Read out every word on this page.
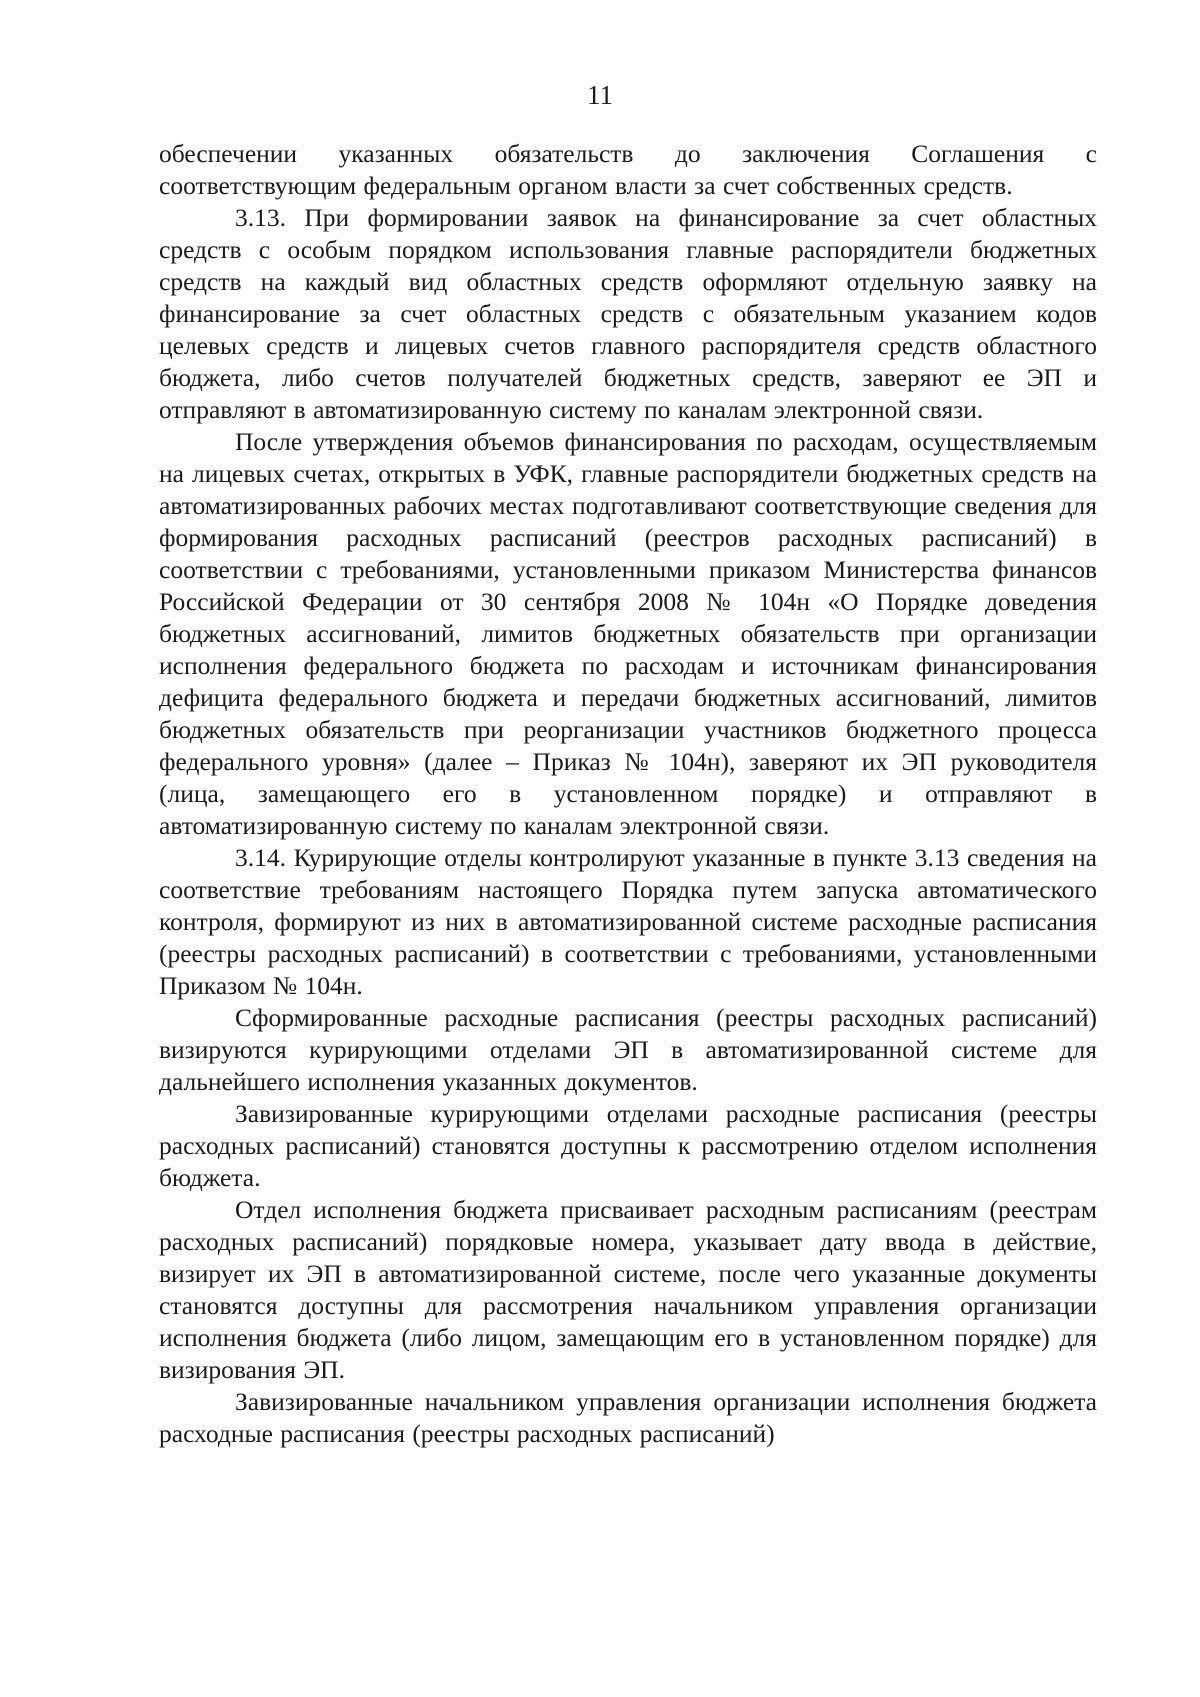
11

обеспечении указанных обязательств до заключения Соглашения с соответствующим федеральным органом власти за счет собственных средств.

3.13. При формировании заявок на финансирование за счет областных средств с особым порядком использования главные распорядители бюджетных средств на каждый вид областных средств оформляют отдельную заявку на финансирование за счет областных средств с обязательным указанием кодов целевых средств и лицевых счетов главного распорядителя средств областного бюджета, либо счетов получателей бюджетных средств, заверяют ее ЭП и отправляют в автоматизированную систему по каналам электронной связи.

После утверждения объемов финансирования по расходам, осуществляемым на лицевых счетах, открытых в УФК, главные распорядители бюджетных средств на автоматизированных рабочих местах подготавливают соответствующие сведения для формирования расходных расписаний (реестров расходных расписаний) в соответствии с требованиями, установленными приказом Министерства финансов Российской Федерации от 30 сентября 2008 № 104н «О Порядке доведения бюджетных ассигнований, лимитов бюджетных обязательств при организации исполнения федерального бюджета по расходам и источникам финансирования дефицита федерального бюджета и передачи бюджетных ассигнований, лимитов бюджетных обязательств при реорганизации участников бюджетного процесса федерального уровня» (далее – Приказ № 104н), заверяют их ЭП руководителя (лица, замещающего его в установленном порядке) и отправляют в автоматизированную систему по каналам электронной связи.

3.14. Курирующие отделы контролируют указанные в пункте 3.13 сведения на соответствие требованиям настоящего Порядка путем запуска автоматического контроля, формируют из них в автоматизированной системе расходные расписания (реестры расходных расписаний) в соответствии с требованиями, установленными Приказом № 104н.

Сформированные расходные расписания (реестры расходных расписаний) визируются курирующими отделами ЭП в автоматизированной системе для дальнейшего исполнения указанных документов.

Завизированные курирующими отделами расходные расписания (реестры расходных расписаний) становятся доступны к рассмотрению отделом исполнения бюджета.

Отдел исполнения бюджета присваивает расходным расписаниям (реестрам расходных расписаний) порядковые номера, указывает дату ввода в действие, визирует их ЭП в автоматизированной системе, после чего указанные документы становятся доступны для рассмотрения начальником управления организации исполнения бюджета (либо лицом, замещающим его в установленном порядке) для визирования ЭП.

Завизированные начальником управления организации исполнения бюджета расходные расписания (реестры расходных расписаний)
